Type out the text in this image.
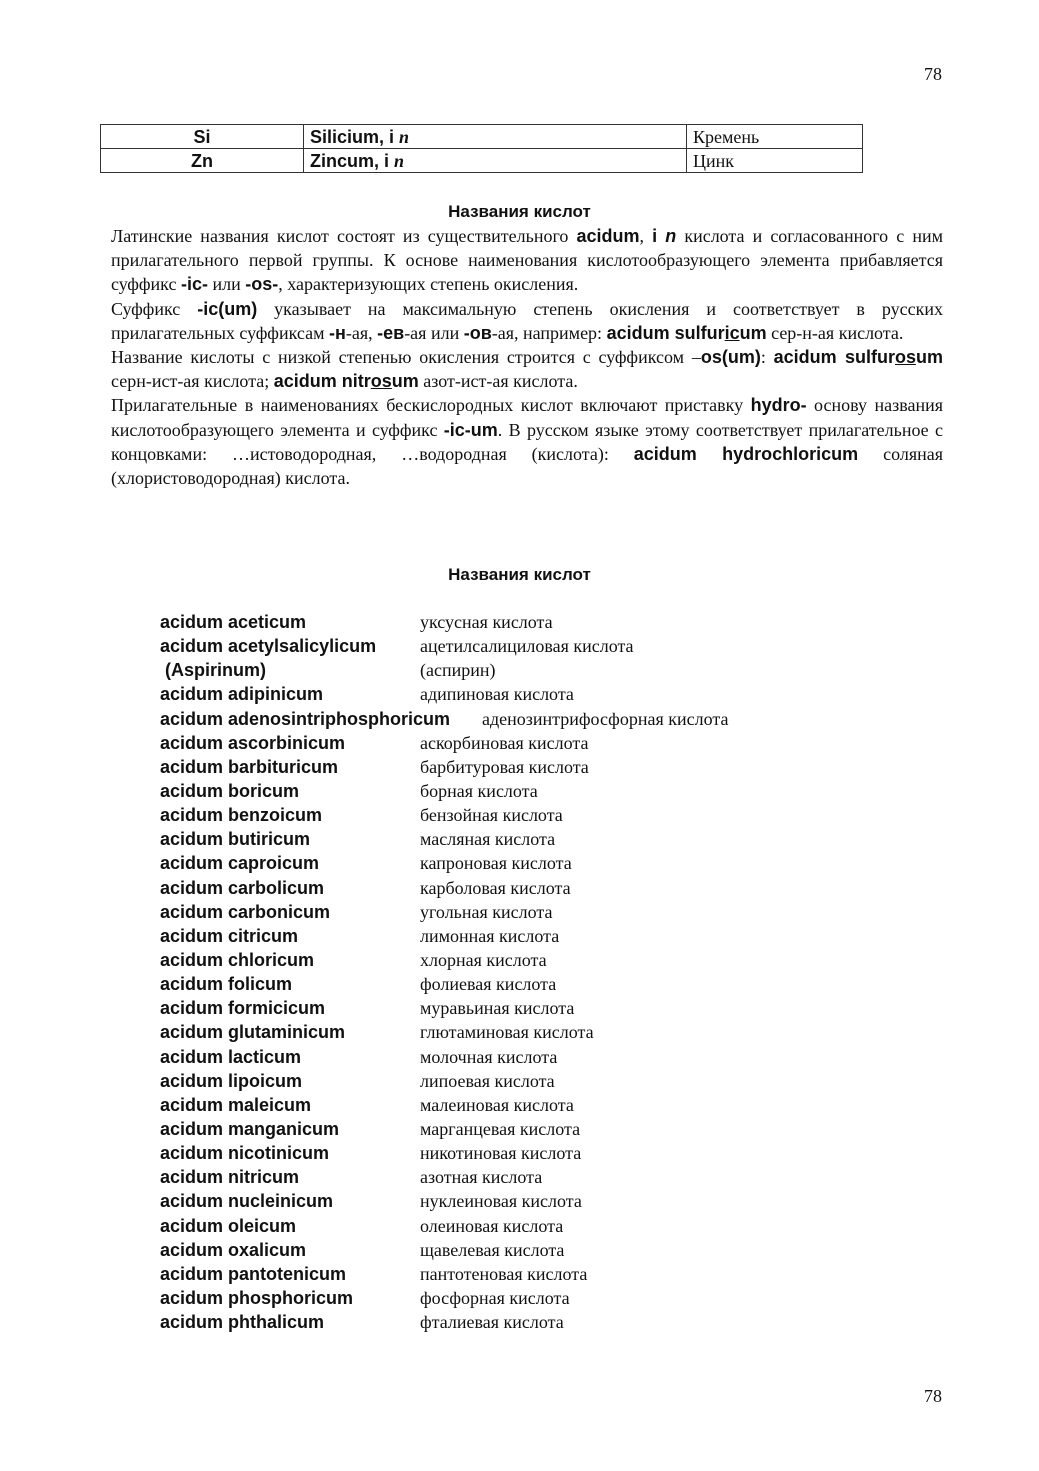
78
Si	Silicium, i n	Кремень
Zn	Zincum, i n	Цинк
Названия кислот

Латинские названия кислот состоят из существительного acidum, i n кислота и согласованного с ним прилагательного первой группы. К основе наименования кислотообразующего элемента прибавляется суффикс -ic- или -os-, характеризующих степень окисления.

Суффикс -ic(um) указывает на максимальную степень окисления и соответствует в русских прилагательных суффиксам -н-ая, -ев-ая или -ов-ая, например: acidum sulfuricum сер-н-ая кислота.

Название кислоты с низкой степенью окисления строится с суффиксом –os(um): acidum sulfurosum серн-ист-ая кислота; acidum nitrosum азот-ист-ая кислота.

Прилагательные в наименованиях бескислородных кислот включают приставку hydro- основу названия кислотообразующего элемента и суффикс -ic-um. В русском языке этому соответствует прилагательное с концовками: …истоводородная, …водородная (кислота): acidum hydrochloricum соляная (хлористоводородная) кислота.

Названия кислот
acidum aceticum	уксусная кислота
acidum acetylsalicylicum ацетилсалициловая кислота
(Aspirinum)	(аспирин)
acidum adipinicum	адипиновая кислота
acidum adenosintriphosphoricum аденозинтрифосфорная кислота
acidum ascorbinicum	аскорбиновая кислота
acidum barbituricum	барбитуровая кислота
acidum boricum	борная кислота
acidum benzoicum	бензойная кислота
acidum butiricum	масляная кислота
acidum caproicum	капроновая кислота
acidum carbolicum	карболовая кислота
acidum carbonicum	угольная кислота
acidum citricum	лимонная кислота
acidum chloricum	хлорная кислота
acidum folicum	фолиевая кислота
acidum formicicum	муравьиная кислота
acidum glutaminicum	глютаминовая кислота
acidum lacticum	молочная кислота
acidum lipoicum	липоевая кислота
acidum maleicum	малеиновая кислота
acidum manganicum	марганцевая кислота
acidum nicotinicum	никотиновая кислота
acidum nitricum	азотная кислота
acidum nucleinicum	нуклеиновая кислота
acidum oleicum	олеиновая кислота
acidum oxalicum	щавелевая кислота
acidum pantotenicum	пантотеновая кислота
acidum phosphoricum	фосфорная кислота
acidum phthalicum	фталиевая кислота
78
